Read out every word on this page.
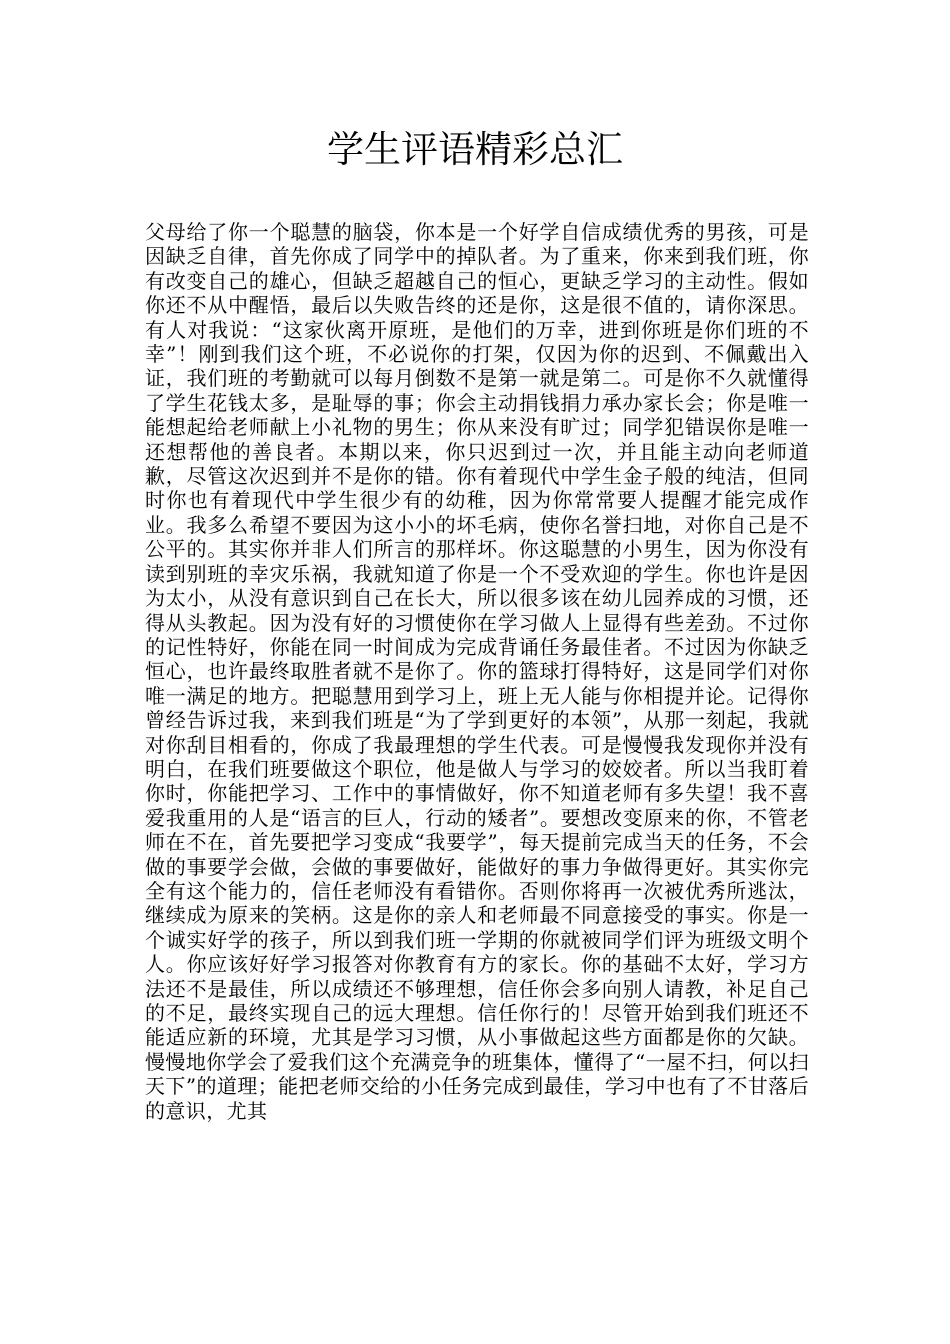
学生评语精彩总汇

父母给了你一个聪慧的脑袋，你本是一个好学自信成绩优秀的男孩，可是因缺乏自律，首先你成了同学中的掉队者。为了重来，你来到我们班，你有改变自己的雄心，但缺乏超越自己的恒心，更缺乏学习的主动性。假如你还不从中醒悟，最后以失败告终的还是你，这是很不值的，请你深思。有人对我说：“这家伙离开原班，是他们的万幸，进到你班是你们班的不幸”！刚到我们这个班，不必说你的打架，仅因为你的迟到、不佩戴出入证，我们班的考勤就可以每月倒数不是第一就是第二。可是你不久就懂得了学生花钱太多，是耻辱的事；你会主动捐钱捐力承办家长会；你是唯一能想起给老师献上小礼物的男生；你从来没有旷过；同学犯错误你是唯一还想帮他的善良者。本期以来，你只迟到过一次，并且能主动向老师道歉，尽管这次迟到并不是你的错。你有着现代中学生金子般的纯洁，但同时你也有着现代中学生很少有的幼稚，因为你常常要人提醒才能完成作业。我多么希望不要因为这小小的坏毛病，使你名誉扫地，对你自己是不公平的。其实你并非人们所言的那样坏。你这聪慧的小男生，因为你没有读到别班的幸灾乐祸，我就知道了你是一个不受欢迎的学生。你也许是因为太小，从没有意识到自己在长大，所以很多该在幼儿园养成的习惯，还得从头教起。因为没有好的习惯使你在学习做人上显得有些差劲。不过你的记性特好，你能在同一时间成为完成背诵任务最佳者。不过因为你缺乏恒心，也许最终取胜者就不是你了。你的篮球打得特好，这是同学们对你唯一满足的地方。把聪慧用到学习上，班上无人能与你相提并论。记得你曾经告诉过我，来到我们班是“为了学到更好的本领”，从那一刻起，我就对你刮目相看的，你成了我最理想的学生代表。可是慢慢我发现你并没有明白，在我们班要做这个职位，他是做人与学习的姣姣者。所以当我盯着你时，你能把学习、工作中的事情做好，你不知道老师有多失望！我不喜爱我重用的人是“语言的巨人，行动的矮者”。要想改变原来的你，不管老师在不在，首先要把学习变成“我要学”，每天提前完成当天的任务，不会做的事要学会做，会做的事要做好，能做好的事力争做得更好。其实你完全有这个能力的，信任老师没有看错你。否则你将再一次被优秀所逃汰，继续成为原来的笑柄。这是你的亲人和老师最不同意接受的事实。你是一个诚实好学的孩子，所以到我们班一学期的你就被同学们评为班级文明个人。你应该好好学习报答对你教育有方的家长。你的基础不太好，学习方法还不是最佳，所以成绩还不够理想，信任你会多向别人请教，补足自己的不足，最终实现自己的远大理想。信任你行的！尽管开始到我们班还不能适应新的环境，尤其是学习习惯，从小事做起这些方面都是你的欠缺。慢慢地你学会了爱我们这个充满竞争的班集体，懂得了“一屋不扫，何以扫天下”的道理；能把老师交给的小任务完成到最佳，学习中也有了不甘落后的意识，尤其
